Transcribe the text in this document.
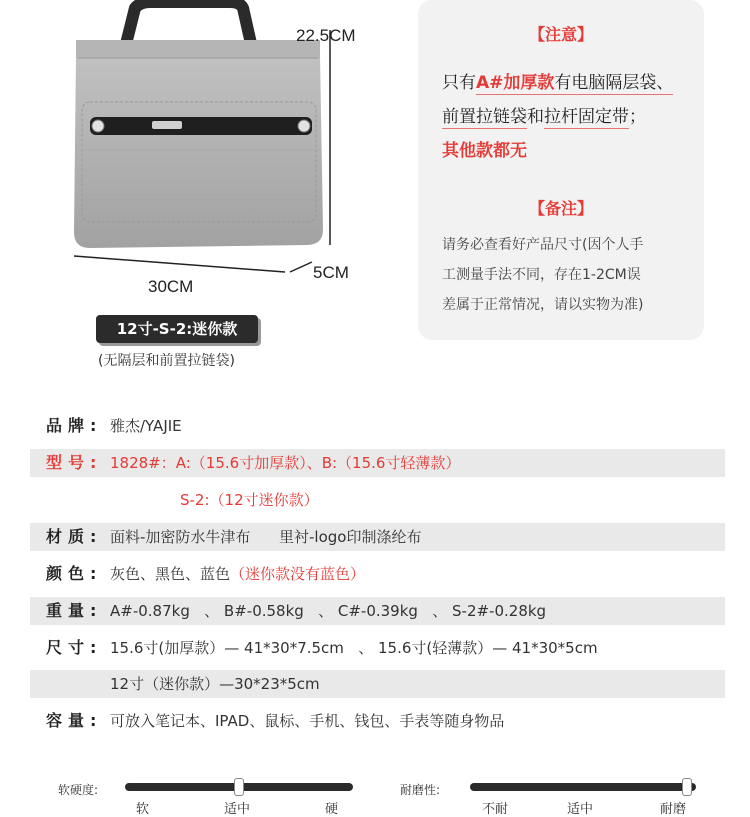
22.5CM
30CM
5CM
12寸-S-2:迷你款
(无隔层和前置拉链袋)
【注意】
只有A#加厚款有电脑隔层袋、
前置拉链袋和拉杆固定带；
其他款都无
【备注】
请务必查看好产品尺寸(因个人手
工测量手法不同，存在1-2CM误
差属于正常情况，请以实物为准)
品牌: 雅杰/YAJIE
型号: 1828#：A:（15.6寸加厚款）、B:（15.6寸轻薄款）
S-2:（12寸迷你款）
材质: 面料-加密防水牛津布      里衬-logo印制涤纶布
颜色: 灰色、黑色、蓝色（迷你款没有蓝色）
重量: A#-0.87kg   、 B#-0.58kg   、 C#-0.39kg   、 S-2#-0.28kg
尺寸: 15.6寸(加厚款）— 41*30*7.5cm   、 15.6寸(轻薄款）— 41*30*5cm
12寸（迷你款）—30*23*5cm
容量: 可放入笔记本、IPAD、鼠标、手机、钱包、手表等随身物品
软硬度:
软	适中	硬
耐磨性:
不耐	适中	耐磨
